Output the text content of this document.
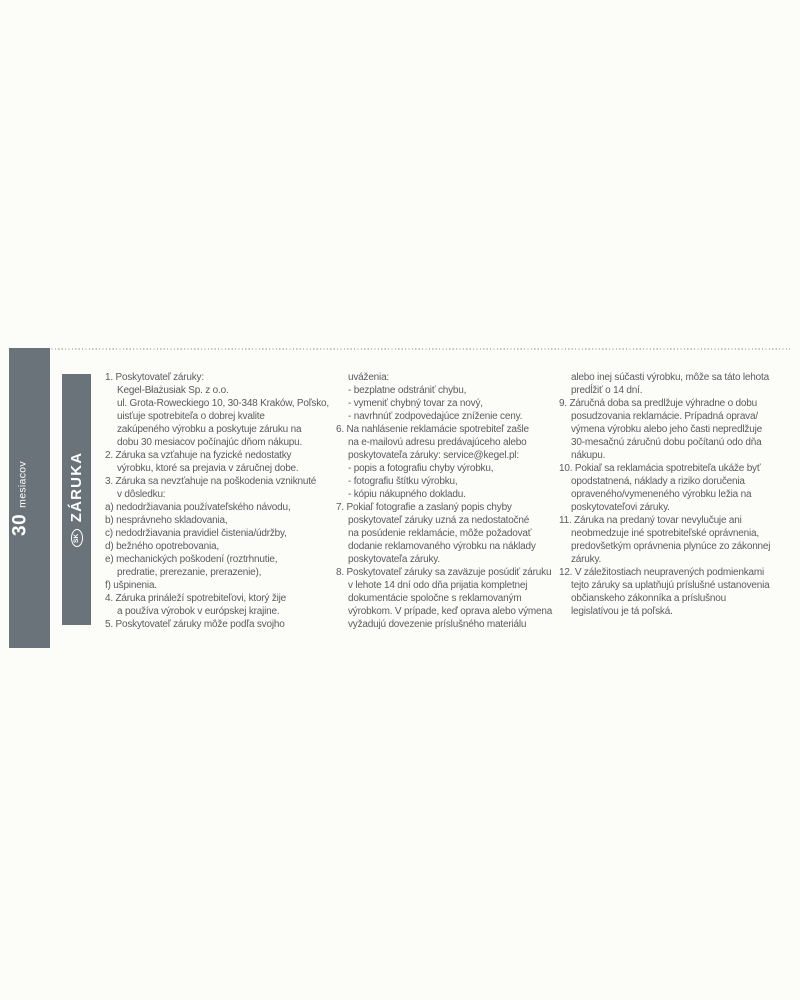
30
mesiacov
SK
ZÁRUKA
1. Poskytovateľ záruky:
Kegel-Błażusiak Sp. z o.o.
ul. Grota-Roweckiego 10, 30-348 Kraków, Poľsko,
uisťuje spotrebiteľa o dobrej kvalite
zakúpeného výrobku a poskytuje záruku na
dobu 30 mesiacov počínajúc dňom nákupu.
2. Záruka sa vzťahuje na fyzické nedostatky
výrobku, ktoré sa prejavia v záručnej dobe.
3. Záruka sa nevzťahuje na poškodenia vzniknuté
v dôsledku:
a) nedodržiavania používateľského návodu,
b) nesprávneho skladovania,
c) nedodržiavania pravidiel čistenia/údržby,
d) bežného opotrebovania,
e) mechanických poškodení (roztrhnutie,
predratie, prerezanie, prerazenie),
f) ušpinenia.
4. Záruka prináleží spotrebiteľovi, ktorý žije
a používa výrobok v európskej krajine.
5. Poskytovateľ záruky môže podľa svojho
uváženia:
- bezplatne odstrániť chybu,
- vymeniť chybný tovar za nový,
- navrhnúť zodpovedajúce zníženie ceny.
6. Na nahlásenie reklamácie spotrebiteľ zašle
na e-mailovú adresu predávajúceho alebo
poskytovateľa záruky: service@kegel.pl:
- popis a fotografiu chyby výrobku,
- fotografiu štítku výrobku,
- kópiu nákupného dokladu.
7. Pokiaľ fotografie a zaslaný popis chyby
poskytovateľ záruky uzná za nedostatočné
na posúdenie reklamácie, môže požadovať
dodanie reklamovaného výrobku na náklady
poskytovateľa záruky.
8. Poskytovateľ záruky sa zaväzuje posúdiť záruku
v lehote 14 dní odo dňa prijatia kompletnej
dokumentácie spoločne s reklamovaným
výrobkom. V prípade, keď oprava alebo výmena
vyžadujú dovezenie príslušného materiálu
alebo inej súčasti výrobku, môže sa táto lehota
predĺžiť o 14 dní.
9. Záručná doba sa predlžuje výhradne o dobu
posudzovania reklamácie. Prípadná oprava/
výmena výrobku alebo jeho časti nepredlžuje
30-mesačnú záručnú dobu počítanú odo dňa
nákupu.
10. Pokiaľ sa reklamácia spotrebiteľa ukáže byť
opodstatnená, náklady a riziko doručenia
opraveného/vymeneného výrobku ležia na
poskytovateľovi záruky.
11. Záruka na predaný tovar nevylučuje ani
neobmedzuje iné spotrebiteľské oprávnenia,
predovšetkým oprávnenia plynúce zo zákonnej
záruky.
12. V záležitostiach neupravených podmienkami
tejto záruky sa uplatňujú príslušné ustanovenia
občianskeho zákonníka a príslušnou
legislatívou je tá poľská.
